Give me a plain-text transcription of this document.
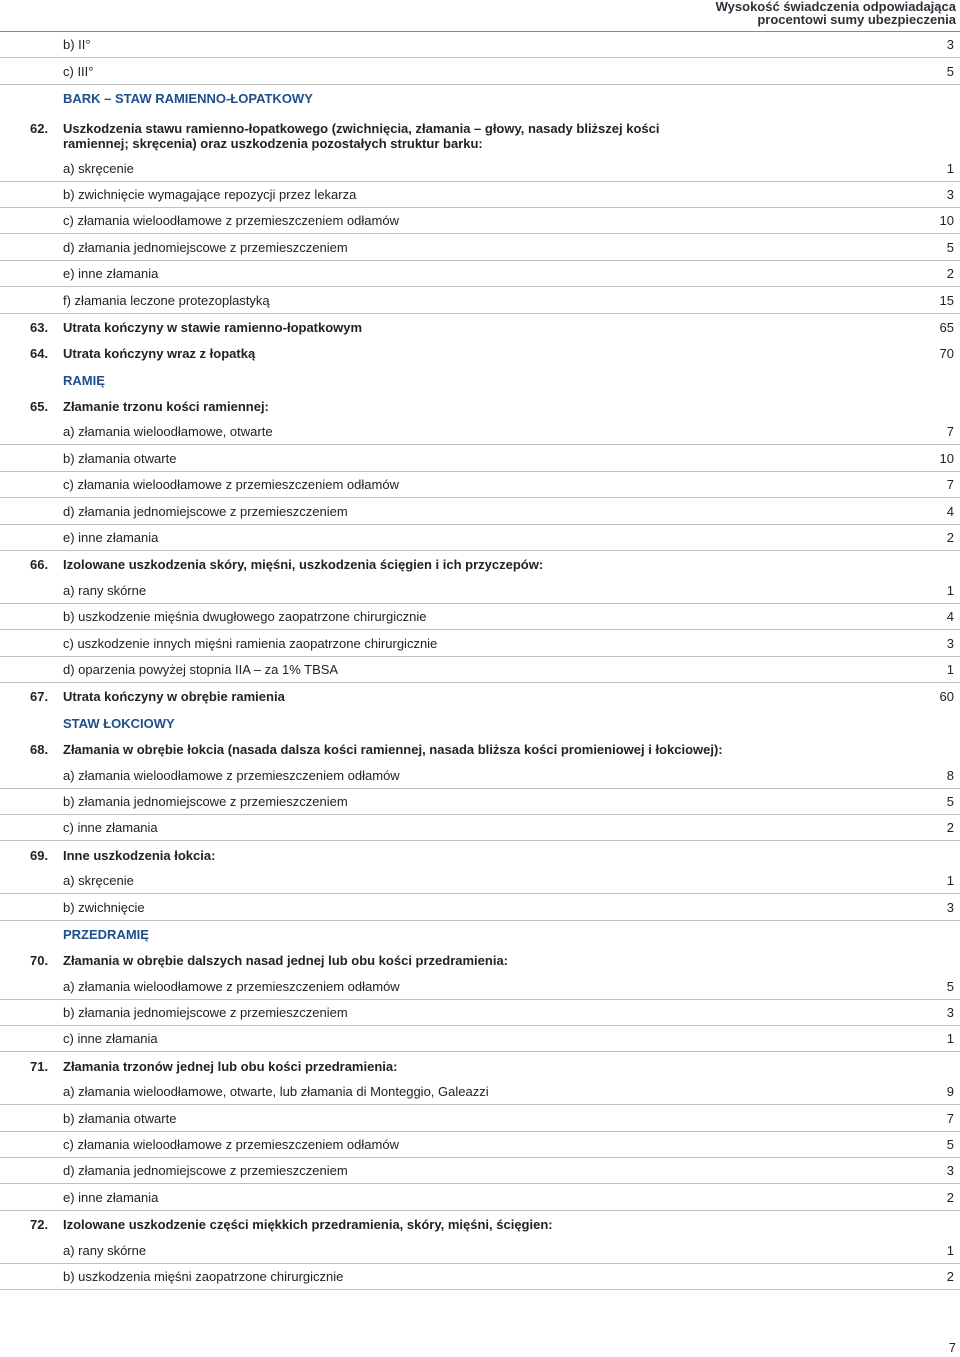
Wysokość świadczenia odpowiadająca
procentowi sumy ubezpieczenia
b) II°	3
c) III°	5
BARK – STAW RAMIENNO-ŁOPATKOWY
62. Uszkodzenia stawu ramienno-łopatkowego (zwichnięcia, złamania – głowy, nasady bliższej kości ramiennej; skręcenia) oraz uszkodzenia pozostałych struktur barku:
a) skręcenie	1
b) zwichnięcie wymagające repozycji przez lekarza	3
c) złamania wieloodłamowe z przemieszczeniem odłamów	10
d) złamania jednomiejscowe z przemieszczeniem	5
e) inne złamania	2
f) złamania leczone protezoplastyką	15
63. Utrata kończyny w stawie ramienno-łopatkowym	65
64. Utrata kończyny wraz z łopatką	70
RAMIĘ
65. Złamanie trzonu kości ramiennej:
a) złamania wieloodłamowe, otwarte	7
b) złamania otwarte	10
c) złamania wieloodłamowe z przemieszczeniem odłamów	7
d) złamania jednomiejscowe z przemieszczeniem	4
e) inne złamania	2
66. Izolowane uszkodzenia skóry, mięśni, uszkodzenia ścięgien i ich przyczepów:
a) rany skórne	1
b) uszkodzenie mięśnia dwugłowego zaopatrzone chirurgicznie	4
c) uszkodzenie innych mięśni ramienia zaopatrzone chirurgicznie	3
d) oparzenia powyżej stopnia IIA – za 1% TBSA	1
67. Utrata kończyny w obrębie ramienia	60
STAW ŁOKCIOWY
68. Złamania w obrębie łokcia (nasada dalsza kości ramiennej, nasada bliższa kości promieniowej i łokciowej):
a) złamania wieloodłamowe z przemieszczeniem odłamów	8
b) złamania jednomiejscowe z przemieszczeniem	5
c) inne złamania	2
69. Inne uszkodzenia łokcia:
a) skręcenie	1
b) zwichnięcie	3
PRZEDRAMIĘ
70. Złamania w obrębie dalszych nasad jednej lub obu kości przedramienia:
a) złamania wieloodłamowe z przemieszczeniem odłamów	5
b) złamania jednomiejscowe z przemieszczeniem	3
c) inne złamania	1
71. Złamania trzonów jednej lub obu kości przedramienia:
a) złamania wieloodłamowe, otwarte, lub złamania di Monteggio, Galeazzi	9
b) złamania otwarte	7
c) złamania wieloodłamowe z przemieszczeniem odłamów	5
d) złamania jednomiejscowe z przemieszczeniem	3
e) inne złamania	2
72. Izolowane uszkodzenie części miękkich przedramienia, skóry, mięśni, ścięgien:
a) rany skórne	1
b) uszkodzenia mięśni zaopatrzone chirurgicznie	2
7
